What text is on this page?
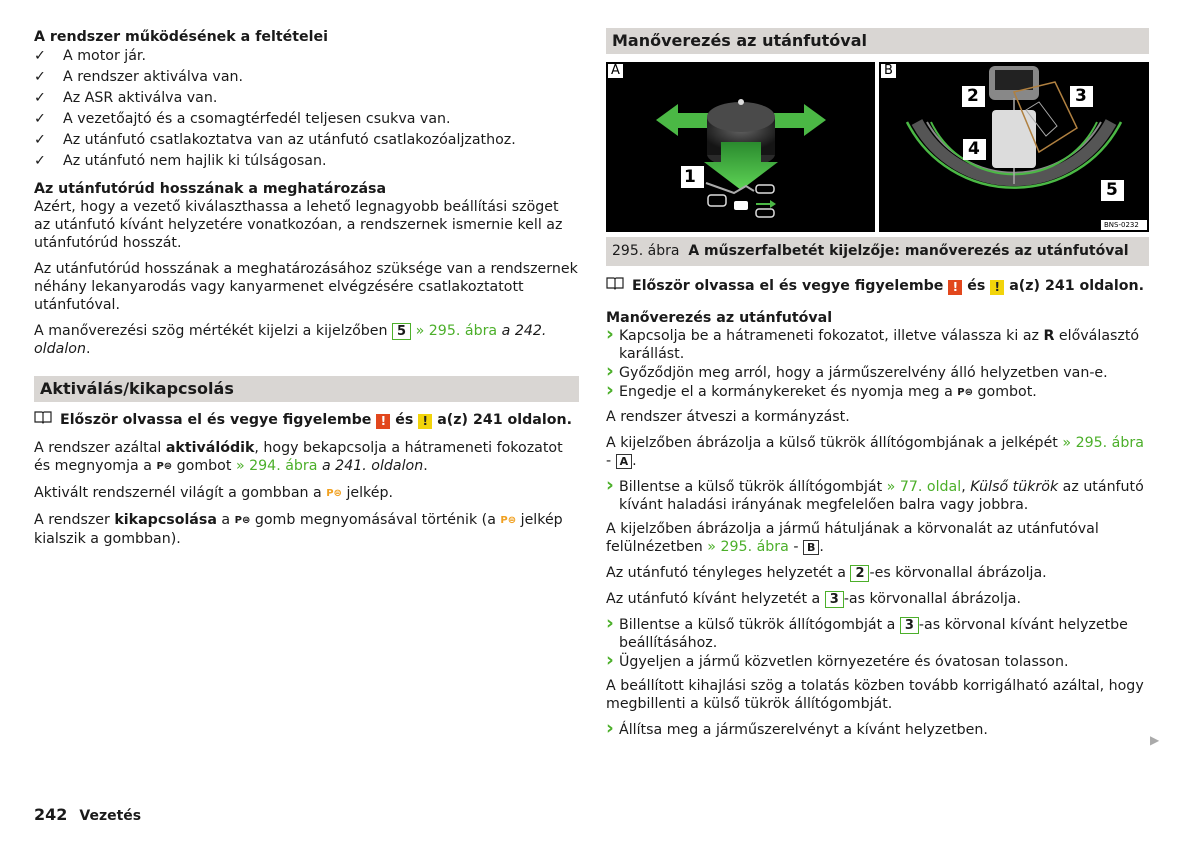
A rendszer működésének a feltételei

✓ A motor jár.
✓ A rendszer aktiválva van.
✓ Az ASR aktiválva van.
✓ A vezetőajtó és a csomagtérfedél teljesen csukva van.
✓ Az utánfutó csatlakoztatva van az utánfutó csatlakozóaljzathoz.
✓ Az utánfutó nem hajlik ki túlságosan.

Az utánfutórúd hosszának a meghatározása

Azért, hogy a vezető kiválaszthassa a lehető legnagyobb beállítási szöget az utánfutó kívánt helyzetére vonatkozóan, a rendszernek ismernie kell az utánfutórúd hosszát.

Az utánfutórúd hosszának a meghatározásához szüksége van a rendszernek néhány lekanyarodás vagy kanyarmenet elvégzésére csatlakoztatott utánfutóval.

A manőverezési szög mértékét kijelzi a kijelzőben 5 » 295. ábra a 242. oldalon.

Aktiválás/kikapcsolás

Először olvassa el és vegye figyelembe ! és ! a(z) 241 oldalon.

A rendszer azáltal aktiválódik, hogy bekapcsolja a hátrameneti fokozatot és megnyomja a P⊜ gombot » 294. ábra a 241. oldalon.

Aktivált rendszernél világít a gombban a P⊜ jelkép.

A rendszer kikapcsolása a P⊜ gomb megnyomásával történik (a P⊜ jelkép kialszik a gombban).

Manőverezés az utánfutóval
A
1
B
2	3
4
5
BNS-0232
295. ábra A műszerfalbetét kijelzője: manőverezés az utánfutóval

Először olvassa el és vegye figyelembe ! és ! a(z) 241 oldalon.

Manőverezés az utánfutóval

› Kapcsolja be a hátrameneti fokozatot, illetve válassza ki az R előválasztó karállást.
› Győződjön meg arról, hogy a járműszerelvény álló helyzetben van-e.
› Engedje el a kormánykereket és nyomja meg a P⊜ gombot.

A rendszer átveszi a kormányzást.

A kijelzőben ábrázolja a külső tükrök állítógombjának a jelképét » 295. ábra - A .

› Billentse a külső tükrök állítógombját » 77. oldal, Külső tükrök az utánfutó kívánt haladási irányának megfelelően balra vagy jobbra.

A kijelzőben ábrázolja a jármű hátuljának a körvonalát az utánfutóval felülnézetben » 295. ábra - B .

Az utánfutó tényleges helyzetét a 2 -es körvonallal ábrázolja.

Az utánfutó kívánt helyzetét a 3 -as körvonallal ábrázolja.

› Billentse a külső tükrök állítógombját a 3 -as körvonal kívánt helyzetbe beállításához.
› Ügyeljen a jármű közvetlen környezetére és óvatosan tolasson.

A beállított kihajlási szög a tolatás közben tovább korrigálható azáltal, hogy megbillenti a külső tükrök állítógombját.

› Állítsa meg a járműszerelvényt a kívánt helyzetben.
▶
242 Vezetés
